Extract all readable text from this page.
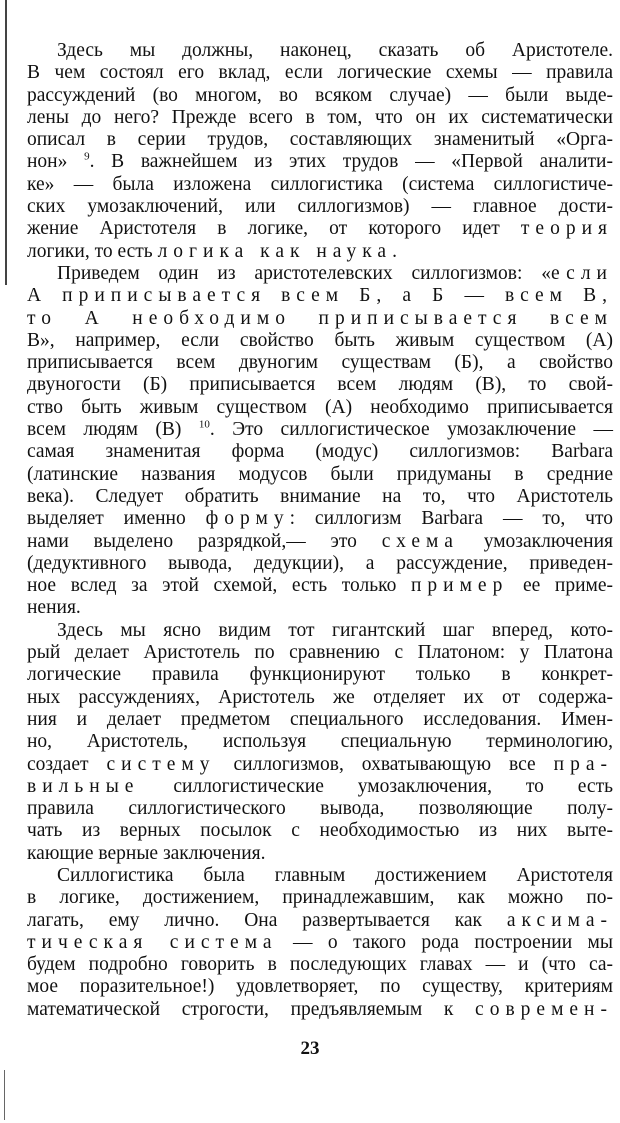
Здесь мы должны, наконец, сказать об Аристотеле.
В чем состоял его вклад, если логические схемы — правила
рассуждений (во многом, во всяком случае) — были выде-
лены до него? Прежде всего в том, что он их систематически
описал в серии трудов, составляющих знаменитый «Орга-
нон» $^9$. В важнейшем из этих трудов — «Первой аналити-
ке» — была изложена силлогистика (система силлогистиче-
ских умозаключений, или силлогизмов) — главное дости-
жение Аристотеля в логике, от которого идет теория
логики, то есть логика как наука.
Приведем один из аристотелевских силлогизмов: «если
А приписывается всем Б, а Б — всем В,
то А необходимо приписывается всем
В», например, если свойство быть живым существом (А)
приписывается всем двуногим существам (Б), а свойство
двуногости (Б) приписывается всем людям (В), то свой-
ство быть живым существом (А) необходимо приписывается
всем людям (В) $^{10}$. Это силлогистическое умозаключение —
самая знаменитая форма (модус) силлогизмов: Barbara
(латинские названия модусов были придуманы в средние
века). Следует обратить внимание на то, что Аристотель
выделяет именно форму: силлогизм Barbara — то, что
нами выделено разрядкой,— это схема умозаключения
(дедуктивного вывода, дедукции), а рассуждение, приведен-
ное вслед за этой схемой, есть только пример ее приме-
нения.
Здесь мы ясно видим тот гигантский шаг вперед, кото-
рый делает Аристотель по сравнению с Платоном: у Платона
логические правила функционируют только в конкрет-
ных рассуждениях, Аристотель же отделяет их от содержа-
ния и делает предметом специального исследования. Имен-
но, Аристотель, используя специальную терминологию,
создает систему силлогизмов, охватывающую все пра-
вильные силлогистические умозаключения, то есть
правила силлогистического вывода, позволяющие полу-
чать из верных посылок с необходимостью из них выте-
кающие верные заключения.
Силлогистика была главным достижением Аристотеля
в логике, достижением, принадлежавшим, как можно по-
лагать, ему лично. Она развертывается как аксима-
тическая система — о такого рода построении мы
будем подробно говорить в последующих главах — и (что са-
мое поразительное!) удовлетворяет, по существу, критериям
математической строгости, предъявляемым к современ-
23
